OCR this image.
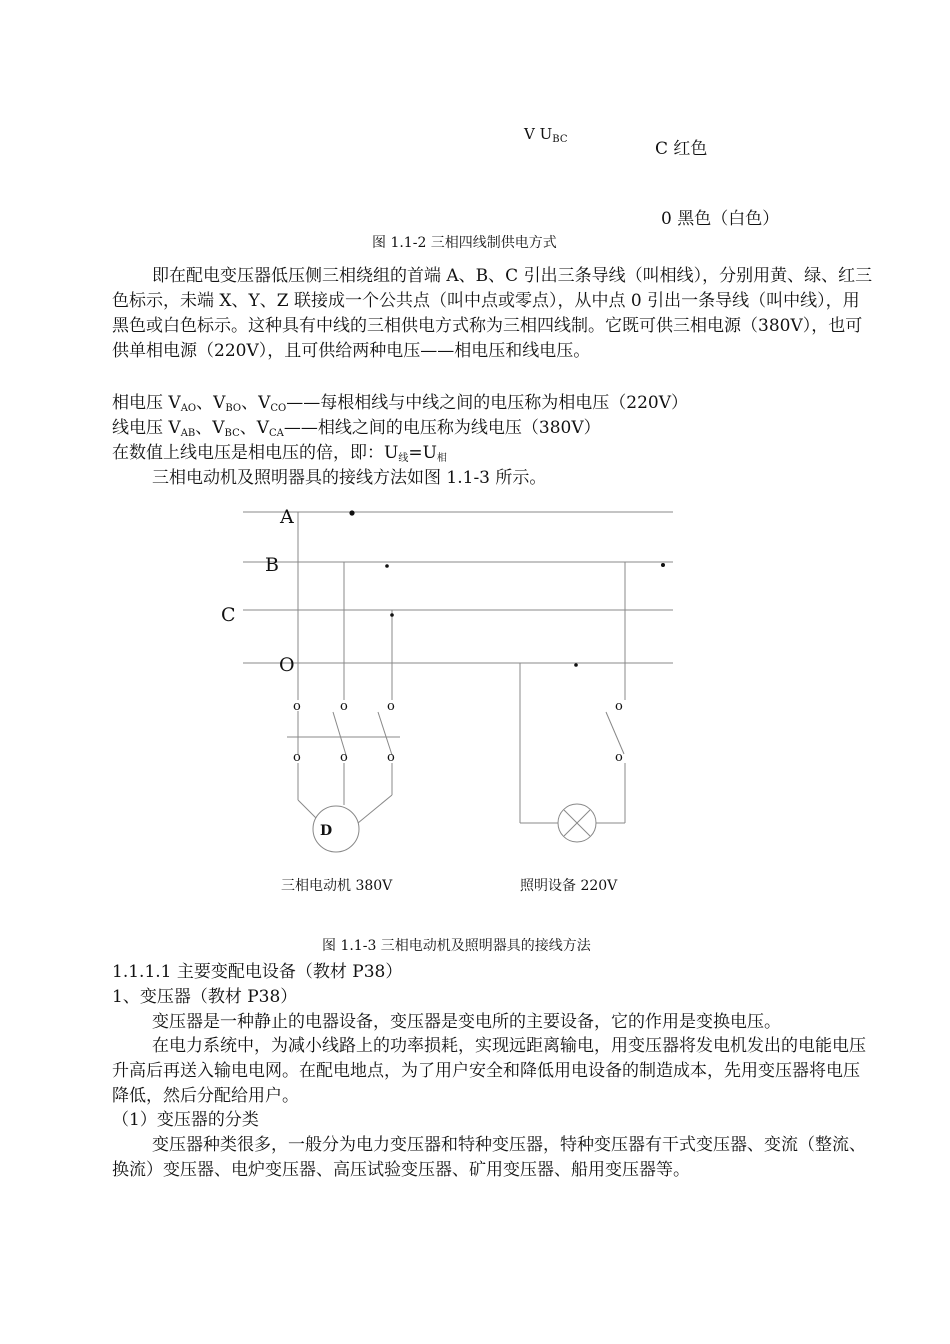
V $U_{BC}$	C 红色
0 黑色（白色）
图 1.1-2 三相四线制供电方式
即在配电变压器低压侧三相绕组的首端 A、B、C 引出三条导线（叫相线），分别用黄、绿、红三色标示，未端 X、Y、Z 联接成一个公共点（叫中点或零点），从中点 0 引出一条导线（叫中线），用黑色或白色标示。这种具有中线的三相供电方式称为三相四线制。它既可供三相电源（380V），也可供单相电源（220V），且可供给两种电压——相电压和线电压。
相电压 $V_{AO}$、$V_{BO}$、$V_{CO}——$每根相线与中线之间的电压称为相电压（220V）
线电压 $V_{AB}$、$V_{BC}$、$V_{CA}——$相线之间的电压称为线电压（380V）
在数值上线电压是相电压的倍，即：$U_线=U_相$
三相电动机及照明器具的接线方法如图 1.1-3 所示。
A
B
C
O
o	o	o	o
o	o	o	o
D
三相电动机 380V	照明设备 220V
图 1.1-3 三相电动机及照明器具的接线方法
1.1.1.1 主要变配电设备（教材 P38）
1、变压器（教材 P38）
变压器是一种静止的电器设备，变压器是变电所的主要设备，它的作用是变换电压。
在电力系统中，为减小线路上的功率损耗，实现远距离输电，用变压器将发电机发出的电能电压升高后再送入输电电网。在配电地点，为了用户安全和降低用电设备的制造成本，先用变压器将电压降低，然后分配给用户。
（1）变压器的分类
变压器种类很多，一般分为电力变压器和特种变压器，特种变压器有干式变压器、变流（整流、换流）变压器、电炉变压器、高压试验变压器、矿用变压器、船用变压器等。
